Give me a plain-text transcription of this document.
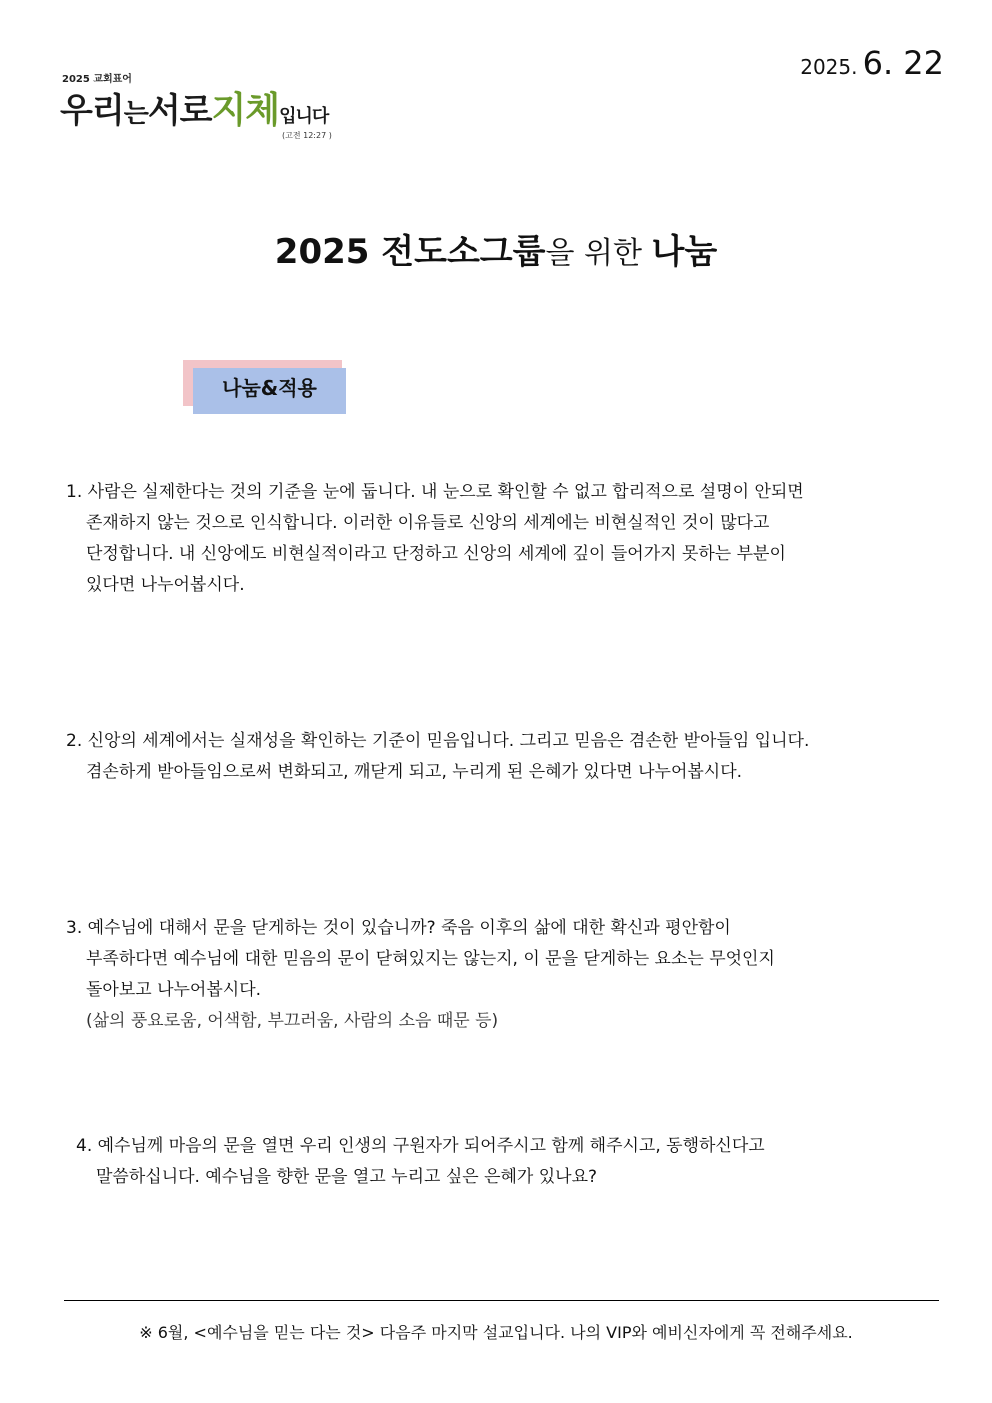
2025 교회표어
우리는서로지체입니다
(고전 12:27 )
2025. 6. 22
2025 전도소그룹을 위한 나눔
나눔&적용
1. 사람은 실제한다는 것의 기준을 눈에 둡니다. 내 눈으로 확인할 수 없고 합리적으로 설명이 안되면
존재하지 않는 것으로 인식합니다. 이러한 이유들로 신앙의 세계에는 비현실적인 것이 많다고
단정합니다. 내 신앙에도 비현실적이라고 단정하고 신앙의 세계에 깊이 들어가지 못하는 부분이
있다면 나누어봅시다.
2. 신앙의 세계에서는 실재성을 확인하는 기준이 믿음입니다. 그리고 믿음은 겸손한 받아들임 입니다.
겸손하게 받아들임으로써 변화되고, 깨닫게 되고, 누리게 된 은혜가 있다면 나누어봅시다.
3. 예수님에 대해서 문을 닫게하는 것이 있습니까? 죽음 이후의 삶에 대한 확신과 평안함이
부족하다면 예수님에 대한 믿음의 문이 닫혀있지는 않는지, 이 문을 닫게하는 요소는 무엇인지
돌아보고 나누어봅시다.
(삶의 풍요로움, 어색함, 부끄러움, 사람의 소음 때문 등)
4. 예수님께 마음의 문을 열면 우리 인생의 구원자가 되어주시고 함께 해주시고, 동행하신다고
말씀하십니다. 예수님을 향한 문을 열고 누리고 싶은 은혜가 있나요?
※ 6월, <예수님을 믿는 다는 것> 다음주 마지막 설교입니다. 나의 VIP와 예비신자에게 꼭 전해주세요.
